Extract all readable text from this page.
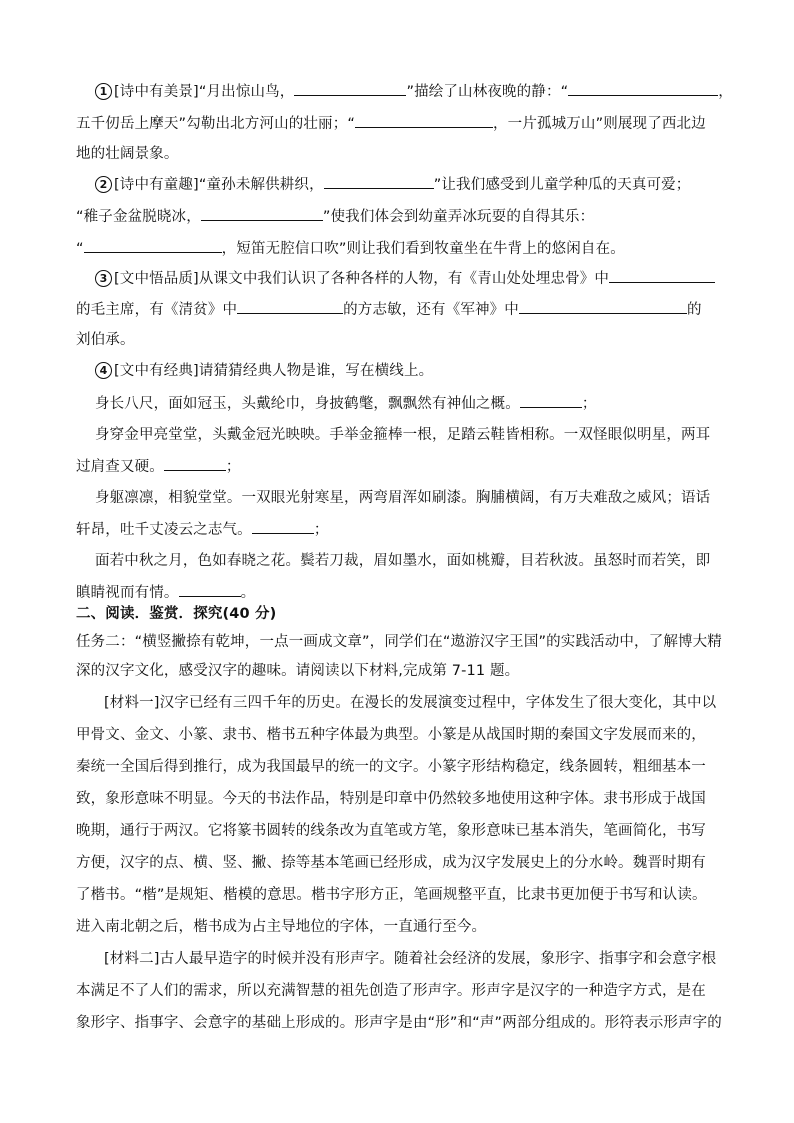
1 [诗中有美景]“月出惊山鸟，	”描绘了山林夜晚的静：“	，
五千仞岳上摩天”勾勒出北方河山的壮丽；“	，一片孤城万山”则展现了西北边
地的壮阔景象。
2 [诗中有童趣]“童孙未解供耕织，	”让我们感受到儿童学种瓜的天真可爱；
“稚子金盆脱晓冰，	”使我们体会到幼童弄冰玩耍的自得其乐：
“	，短笛无腔信口吹”则让我们看到牧童坐在牛背上的悠闲自在。
3 [文中悟品质]从课文中我们认识了各种各样的人物，有《青山处处埋忠骨》中
的毛主席，有《清贫》中	的方志敏，还有《军神》中	的
刘伯承。
4 [文中有经典]请猜猜经典人物是谁，写在横线上。
身长八尺，面如冠玉，头戴纶巾，身披鹤氅，飘飘然有神仙之概。	；
身穿金甲亮堂堂，头戴金冠光映映。手举金箍棒一根，足踏云鞋皆相称。一双怪眼似明星，两耳
过肩查又硬。	；
身躯凛凛，相貌堂堂。一双眼光射寒星，两弯眉浑如刷漆。胸脯横阔，有万夫难敌之威风；语话
轩昂，吐千丈凌云之志气。	；
面若中秋之月，色如春晓之花。鬓若刀裁，眉如墨水，面如桃瓣，目若秋波。虽怒时而若笑，即
瞋睛视而有情。	。
二、阅读．鉴赏．探究(40 分)
任务二：“横竖撇捺有乾坤，一点一画成文章”，同学们在“遨游汉字王国”的实践活动中，了解博大精
深的汉字文化，感受汉字的趣味。请阅读以下材料,完成第 7-11 题。
[材料一]汉字已经有三四千年的历史。在漫长的发展演变过程中，字体发生了很大变化，其中以
甲骨文、金文、小篆、隶书、楷书五种字体最为典型。小篆是从战国时期的秦国文字发展而来的，
秦统一全国后得到推行，成为我国最早的统一的文字。小篆字形结构稳定，线条圆转，粗细基本一
致，象形意味不明显。今天的书法作品，特别是印章中仍然较多地使用这种字体。隶书形成于战国
晚期，通行于两汉。它将篆书圆转的线条改为直笔或方笔，象形意味已基本消失，笔画简化，书写
方便，汉字的点、横、竖、撇、捺等基本笔画已经形成，成为汉字发展史上的分水岭。魏晋时期有
了楷书。“楷”是规矩、楷模的意思。楷书字形方正，笔画规整平直，比隶书更加便于书写和认读。
进入南北朝之后，楷书成为占主导地位的字体，一直通行至今。
[材料二]古人最早造字的时候并没有形声字。随着社会经济的发展，象形字、指事字和会意字根
本满足不了人们的需求，所以充满智慧的祖先创造了形声字。形声字是汉字的一种造字方式，是在
象形字、指事字、会意字的基础上形成的。形声字是由“形”和“声”两部分组成的。形符表示形声字的
